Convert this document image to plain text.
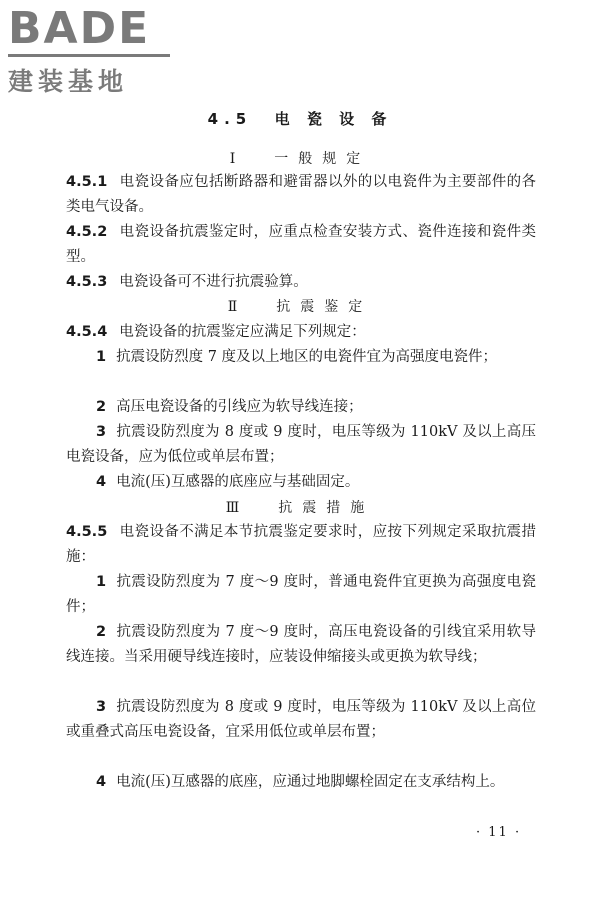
BADE
建装基地
4.5 电 瓷 设 备
Ⅰ 一般规定
4.5.1 电瓷设备应包括断路器和避雷器以外的以电瓷件为主要部件的各类电气设备。
4.5.2 电瓷设备抗震鉴定时，应重点检查安装方式、瓷件连接和瓷件类型。
4.5.3 电瓷设备可不进行抗震验算。
Ⅱ 抗震鉴定
4.5.4 电瓷设备的抗震鉴定应满足下列规定：
1 抗震设防烈度 7 度及以上地区的电瓷件宜为高强度电瓷件；
2 高压电瓷设备的引线应为软导线连接；
3 抗震设防烈度为 8 度或 9 度时，电压等级为 110kV 及以上高压电瓷设备，应为低位或单层布置；
4 电流(压)互感器的底座应与基础固定。
Ⅲ 抗震措施
4.5.5 电瓷设备不满足本节抗震鉴定要求时，应按下列规定采取抗震措施：
1 抗震设防烈度为 7 度～9 度时，普通电瓷件宜更换为高强度电瓷件；
2 抗震设防烈度为 7 度～9 度时，高压电瓷设备的引线宜采用软导线连接。当采用硬导线连接时，应装设伸缩接头或更换为软导线；
3 抗震设防烈度为 8 度或 9 度时，电压等级为 110kV 及以上高位或重叠式高压电瓷设备，宜采用低位或单层布置；
4 电流(压)互感器的底座，应通过地脚螺栓固定在支承结构上。
· 11 ·
